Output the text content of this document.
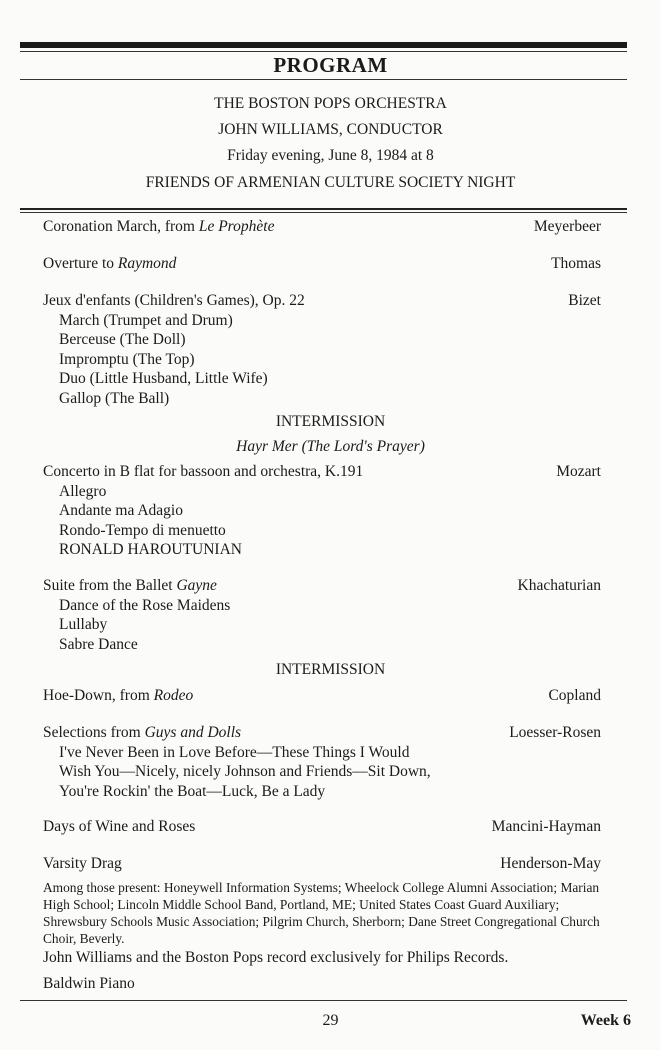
PROGRAM
THE BOSTON POPS ORCHESTRA
JOHN WILLIAMS, CONDUCTOR
Friday evening, June 8, 1984 at 8
FRIENDS OF ARMENIAN CULTURE SOCIETY NIGHT
Coronation March, from Le Prophète	Meyerbeer
Overture to Raymond	Thomas
Jeux d'enfants (Children's Games), Op. 22	Bizet
March (Trumpet and Drum)
Berceuse (The Doll)
Impromptu (The Top)
Duo (Little Husband, Little Wife)
Gallop (The Ball)
INTERMISSION
Hayr Mer (The Lord's Prayer)
Concerto in B flat for bassoon and orchestra, K.191	Mozart
Allegro
Andante ma Adagio
Rondo-Tempo di menuetto
RONALD HAROUTUNIAN
Suite from the Ballet Gayne	Khachaturian
Dance of the Rose Maidens
Lullaby
Sabre Dance
INTERMISSION
Hoe-Down, from Rodeo	Copland
Selections from Guys and Dolls	Loesser-Rosen
I've Never Been in Love Before—These Things I Would
Wish You—Nicely, nicely Johnson and Friends—Sit Down,
You're Rockin' the Boat—Luck, Be a Lady
Days of Wine and Roses	Mancini-Hayman
Varsity Drag	Henderson-May
Among those present: Honeywell Information Systems; Wheelock College Alumni Association; Marian High School; Lincoln Middle School Band, Portland, ME; United States Coast Guard Auxiliary; Shrewsbury Schools Music Association; Pilgrim Church, Sherborn; Dane Street Congregational Church Choir, Beverly.
John Williams and the Boston Pops record exclusively for Philips Records.
Baldwin Piano
29	Week 6
